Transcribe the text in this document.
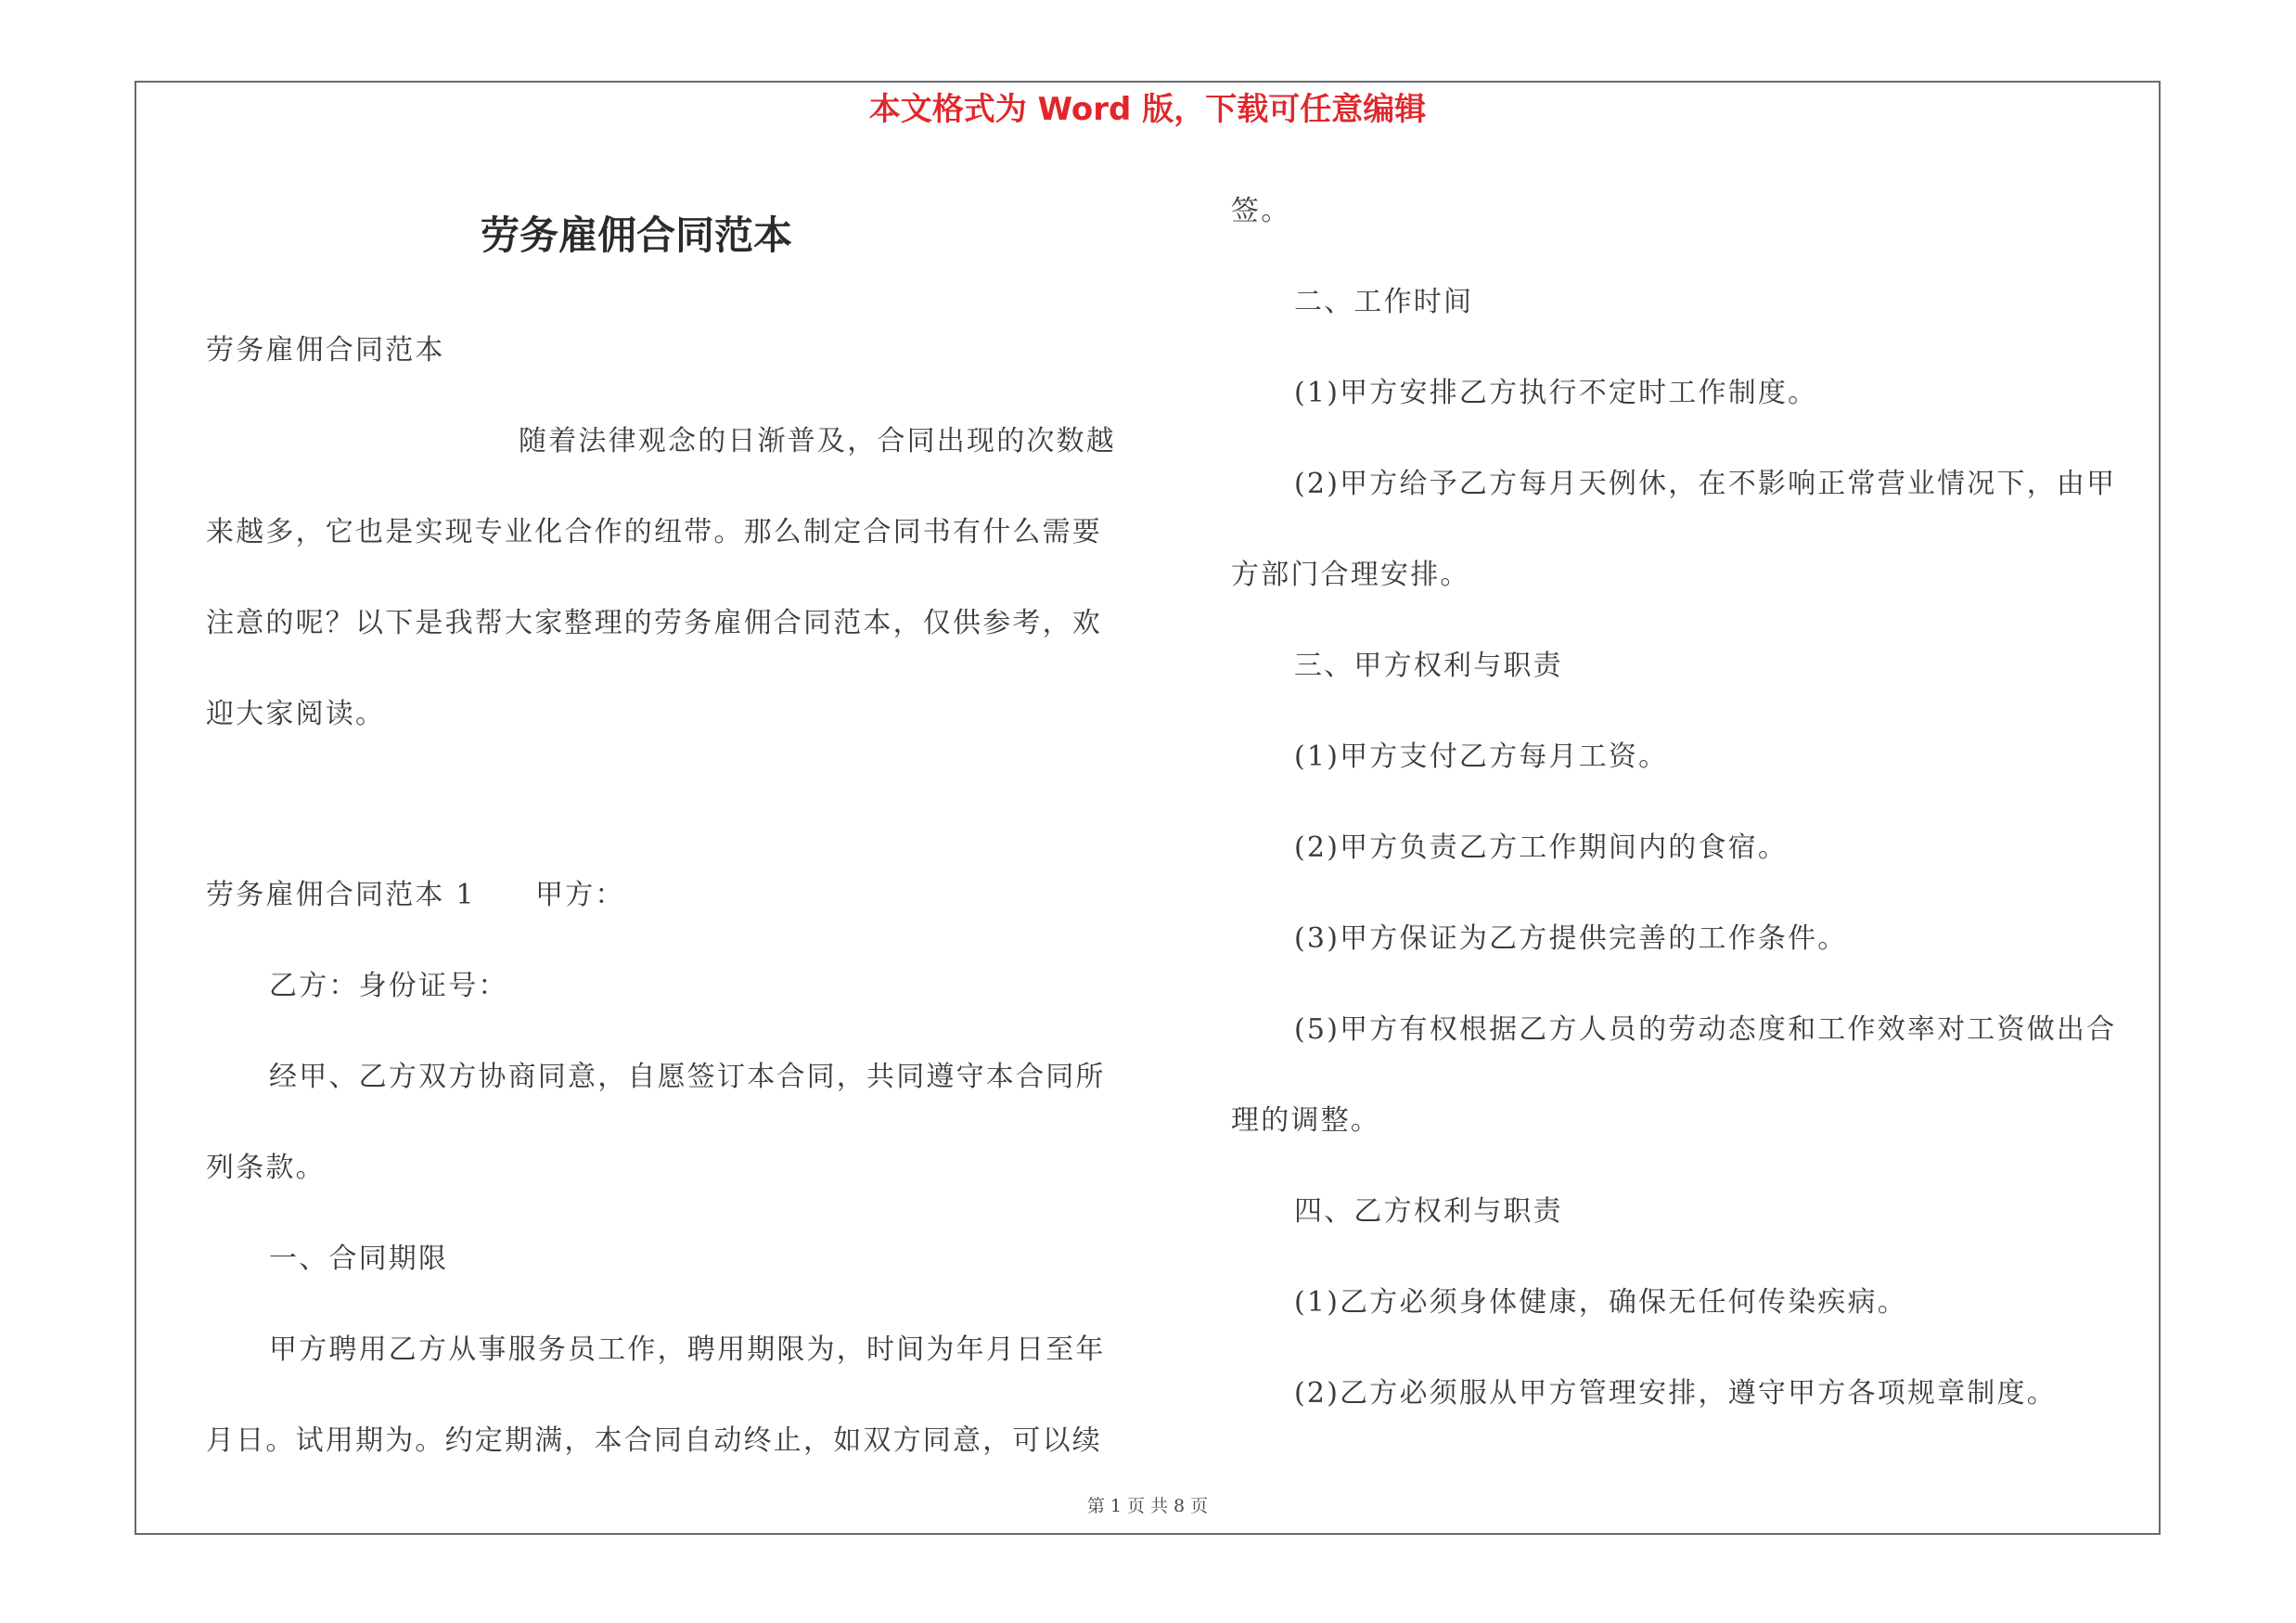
本文格式为 Word 版，下载可任意编辑
劳务雇佣合同范本
劳务雇佣合同范本
随着法律观念的日渐普及，合同出现的次数越
来越多，它也是实现专业化合作的纽带。那么制定合同书有什么需要
注意的呢？以下是我帮大家整理的劳务雇佣合同范本，仅供参考，欢
迎大家阅读。
劳务雇佣合同范本 1　　甲方：
乙方：身份证号：
经甲、乙方双方协商同意，自愿签订本合同，共同遵守本合同所
列条款。
一、合同期限
甲方聘用乙方从事服务员工作，聘用期限为，时间为年月日至年
月日。试用期为。约定期满，本合同自动终止，如双方同意，可以续
签。
二、工作时间
(1)甲方安排乙方执行不定时工作制度。
(2)甲方给予乙方每月天例休，在不影响正常营业情况下，由甲
方部门合理安排。
三、甲方权利与职责
(1)甲方支付乙方每月工资。
(2)甲方负责乙方工作期间内的食宿。
(3)甲方保证为乙方提供完善的工作条件。
(5)甲方有权根据乙方人员的劳动态度和工作效率对工资做出合
理的调整。
四、乙方权利与职责
(1)乙方必须身体健康，确保无任何传染疾病。
(2)乙方必须服从甲方管理安排，遵守甲方各项规章制度。
第 1 页 共 8 页
